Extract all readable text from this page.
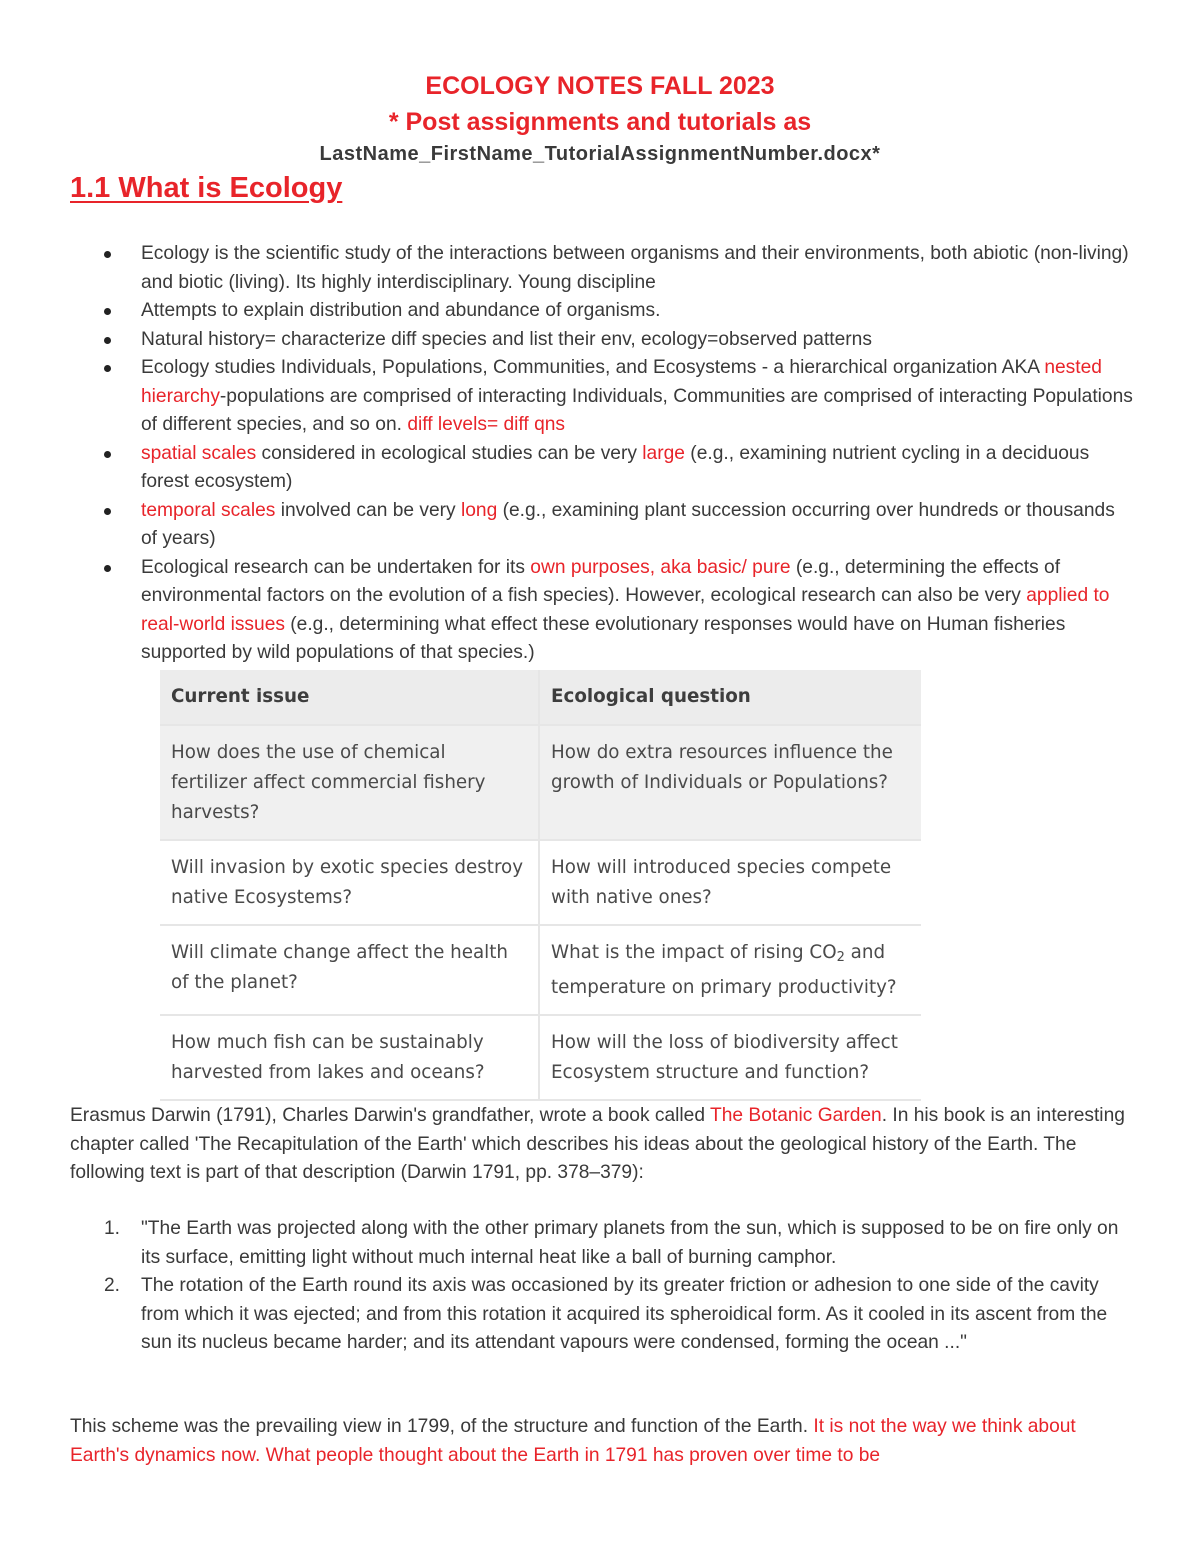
ECOLOGY NOTES FALL 2023
* Post assignments and tutorials as
LastName_FirstName_TutorialAssignmentNumber.docx*
1.1 What is Ecology
Ecology is the scientific study of the interactions between organisms and their environments, both abiotic (non-living) and biotic (living). Its highly interdisciplinary. Young discipline
Attempts to explain distribution and abundance of organisms.
Natural history= characterize diff species and list their env, ecology=observed patterns
Ecology studies Individuals, Populations, Communities, and Ecosystems - a hierarchical organization AKA nested hierarchy-populations are comprised of interacting Individuals, Communities are comprised of interacting Populations of different species, and so on. diff levels= diff qns
spatial scales considered in ecological studies can be very large (e.g., examining nutrient cycling in a deciduous forest ecosystem)
temporal scales involved can be very long (e.g., examining plant succession occurring over hundreds or thousands of years)
Ecological research can be undertaken for its own purposes, aka basic/ pure (e.g., determining the effects of environmental factors on the evolution of a fish species). However, ecological research can also be very applied to real-world issues (e.g., determining what effect these evolutionary responses would have on Human fisheries supported by wild populations of that species.)
Current issue	Ecological question
How does the use of chemical fertilizer affect commercial fishery harvests?	How do extra resources influence the growth of Individuals or Populations?
Will invasion by exotic species destroy native Ecosystems?	How will introduced species compete with native ones?
Will climate change affect the health of the planet?	What is the impact of rising $CO_2$ and temperature on primary productivity?
How much fish can be sustainably harvested from lakes and oceans?	How will the loss of biodiversity affect Ecosystem structure and function?

Erasmus Darwin (1791), Charles Darwin's grandfather, wrote a book called The Botanic Garden. In his book is an interesting chapter called 'The Recapitulation of the Earth' which describes his ideas about the geological history of the Earth. The following text is part of that description (Darwin 1791, pp. 378–379):

1. "The Earth was projected along with the other primary planets from the sun, which is supposed to be on fire only on its surface, emitting light without much internal heat like a ball of burning camphor.
2. The rotation of the Earth round its axis was occasioned by its greater friction or adhesion to one side of the cavity from which it was ejected; and from this rotation it acquired its spheroidical form. As it cooled in its ascent from the sun its nucleus became harder; and its attendant vapours were condensed, forming the ocean ..."

This scheme was the prevailing view in 1799, of the structure and function of the Earth. It is not the way we think about Earth's dynamics now. What people thought about the Earth in 1791 has proven over time to be
